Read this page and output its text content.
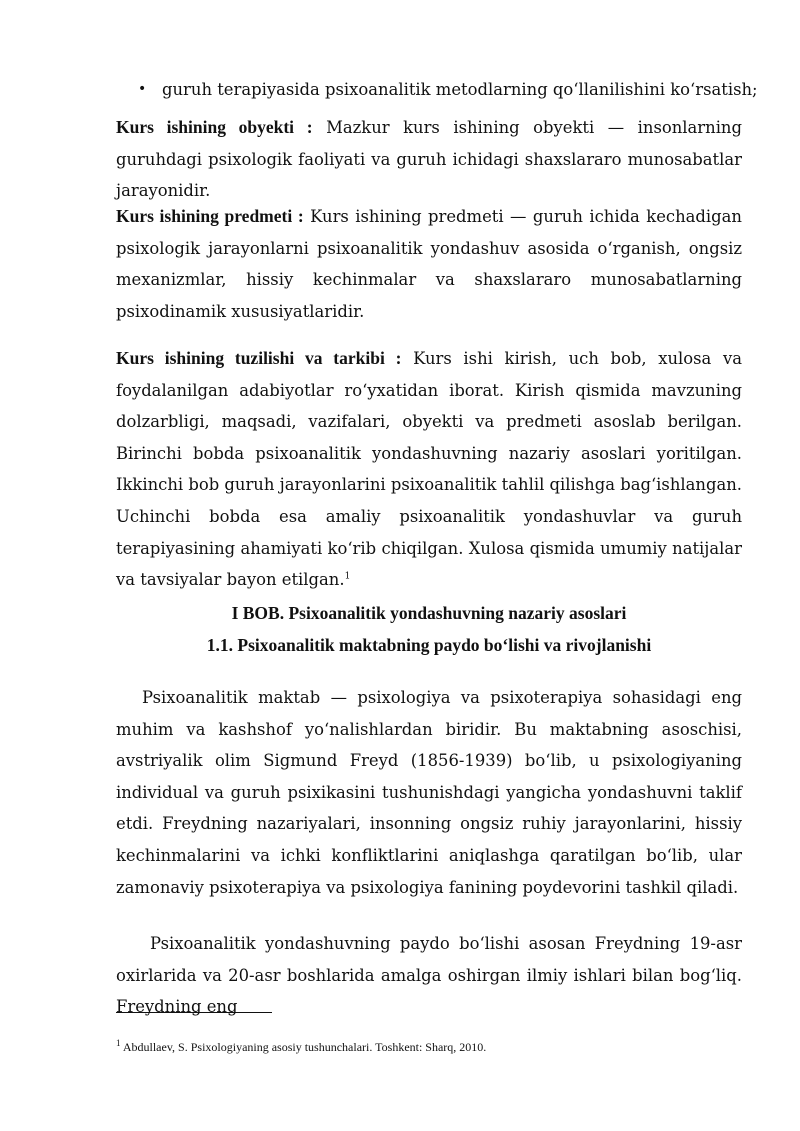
• guruh terapiyasida psixoanalitik metodlarning qo‘llanilishini ko‘rsatish;

Kurs ishining obyekti : Mazkur kurs ishining obyekti — insonlarning guruhdagi psixologik faoliyati va guruh ichidagi shaxslararo munosabatlar jarayonidir.

Kurs ishining predmeti : Kurs ishining predmeti — guruh ichida kechadigan psixologik jarayonlarni psixoanalitik yondashuv asosida o‘rganish, ongsiz mexanizmlar, hissiy kechinmalar va shaxslararo munosabatlarning psixodinamik xususiyatlaridir.

Kurs ishining tuzilishi va tarkibi : Kurs ishi kirish, uch bob, xulosa va foydalanilgan adabiyotlar ro‘yxatidan iborat. Kirish qismida mavzuning dolzarbligi, maqsadi, vazifalari, obyekti va predmeti asoslab berilgan. Birinchi bobda psixoanalitik yondashuvning nazariy asoslari yoritilgan. Ikkinchi bob guruh jarayonlarini psixoanalitik tahlil qilishga bag‘ishlangan. Uchinchi bobda esa amaliy psixoanalitik yondashuvlar va guruh terapiyasining ahamiyati ko‘rib chiqilgan. Xulosa qismida umumiy natijalar va tavsiyalar bayon etilgan.$^1$

I BOB. Psixoanalitik yondashuvning nazariy asoslari
1.1. Psixoanalitik maktabning paydo bo‘lishi va rivojlanishi

Psixoanalitik maktab — psixologiya va psixoterapiya sohasidagi eng muhim va kashshof yo‘nalishlardan biridir. Bu maktabning asoschisi, avstriyalik olim Sigmund Freyd (1856-1939) bo‘lib, u psixologiyaning individual va guruh psixikasini tushunishdagi yangicha yondashuvni taklif etdi. Freydning nazariyalari, insonning ongsiz ruhiy jarayonlarini, hissiy kechinmalarini va ichki konfliktlarini aniqlashga qaratilgan bo‘lib, ular zamonaviy psixoterapiya va psixologiya fanining poydevorini tashkil qiladi.

Psixoanalitik yondashuvning paydo bo‘lishi asosan Freydning 19-asr oxirlarida va 20-asr boshlarida amalga oshirgan ilmiy ishlari bilan bog‘liq. Freydning eng

$^1$ Abdullaev, S. Psixologiyaning asosiy tushunchalari. Toshkent: Sharq, 2010.
